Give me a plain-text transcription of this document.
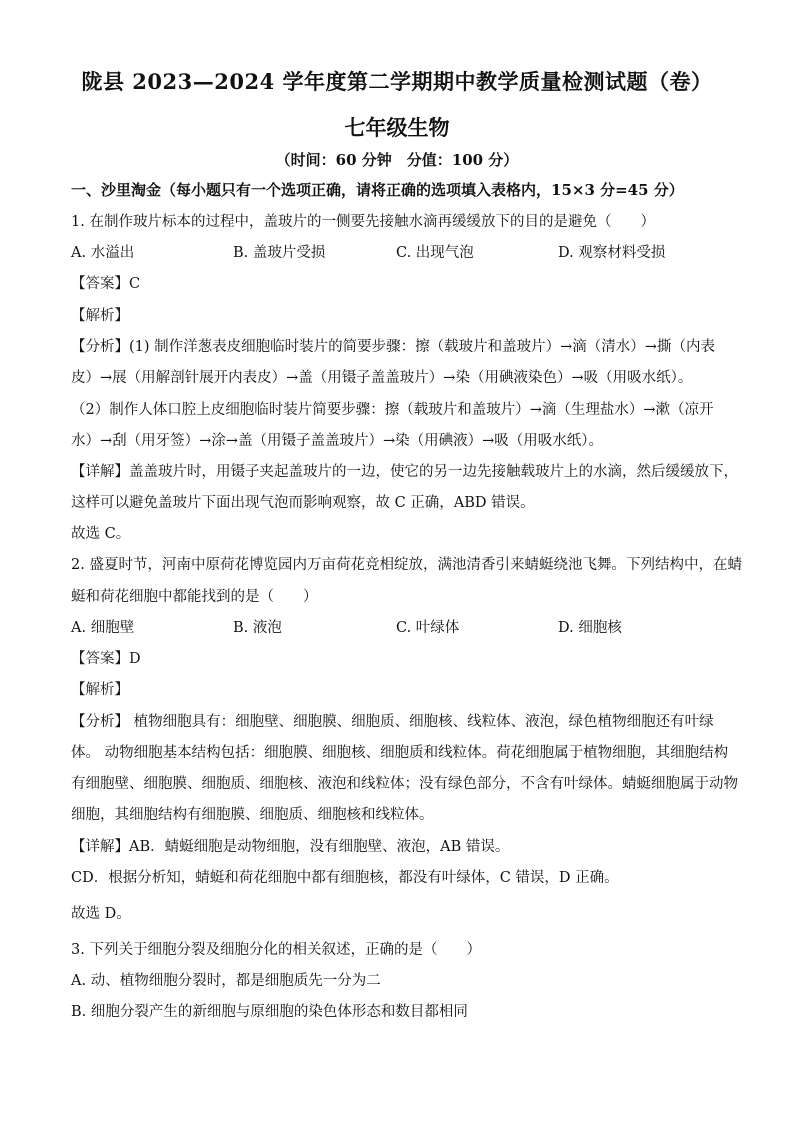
陇县 2023—2024 学年度第二学期期中教学质量检测试题（卷）
七年级生物
（时间：60 分钟　分值：100 分）
一、沙里淘金（每小题只有一个选项正确，请将正确的选项填入表格内，15×3 分=45 分）
1. 在制作玻片标本的过程中，盖玻片的一侧要先接触水滴再缓缓放下的目的是避免（　　）
A. 水溢出	B. 盖玻片受损	C. 出现气泡	D. 观察材料受损
【答案】C
【解析】
【分析】(1) 制作洋葱表皮细胞临时装片的简要步骤：擦（载玻片和盖玻片）→滴（清水）→撕（内表
皮）→展（用解剖针展开内表皮）→盖（用镊子盖盖玻片）→染（用碘液染色）→吸（用吸水纸）。
（2）制作人体口腔上皮细胞临时装片简要步骤：擦（载玻片和盖玻片）→滴（生理盐水）→漱（凉开
水）→刮（用牙签）→涂→盖（用镊子盖盖玻片）→染（用碘液）→吸（用吸水纸）。
【详解】盖盖玻片时，用镊子夹起盖玻片的一边，使它的另一边先接触载玻片上的水滴，然后缓缓放下，
这样可以避免盖玻片下面出现气泡而影响观察，故 C 正确，ABD 错误。
故选 C。
2. 盛夏时节，河南中原荷花博览园内万亩荷花竞相绽放，满池清香引来蜻蜓绕池飞舞。下列结构中，在蜻
蜓和荷花细胞中都能找到的是（　　）
A. 细胞壁	B. 液泡	C. 叶绿体	D. 细胞核
【答案】D
【解析】
【分析】 植物细胞具有：细胞壁、细胞膜、细胞质、细胞核、线粒体、液泡，绿色植物细胞还有叶绿
体。 动物细胞基本结构包括：细胞膜、细胞核、细胞质和线粒体。荷花细胞属于植物细胞，其细胞结构
有细胞壁、细胞膜、细胞质、细胞核、液泡和线粒体；没有绿色部分，不含有叶绿体。蜻蜓细胞属于动物
细胞，其细胞结构有细胞膜、细胞质、细胞核和线粒体。
【详解】AB．蜻蜓细胞是动物细胞，没有细胞壁、液泡，AB 错误。
CD．根据分析知，蜻蜓和荷花细胞中都有细胞核，都没有叶绿体，C 错误，D 正确。
故选 D。
3. 下列关于细胞分裂及细胞分化的相关叙述，正确的是（　　）
A. 动、植物细胞分裂时，都是细胞质先一分为二
B. 细胞分裂产生的新细胞与原细胞的染色体形态和数目都相同
